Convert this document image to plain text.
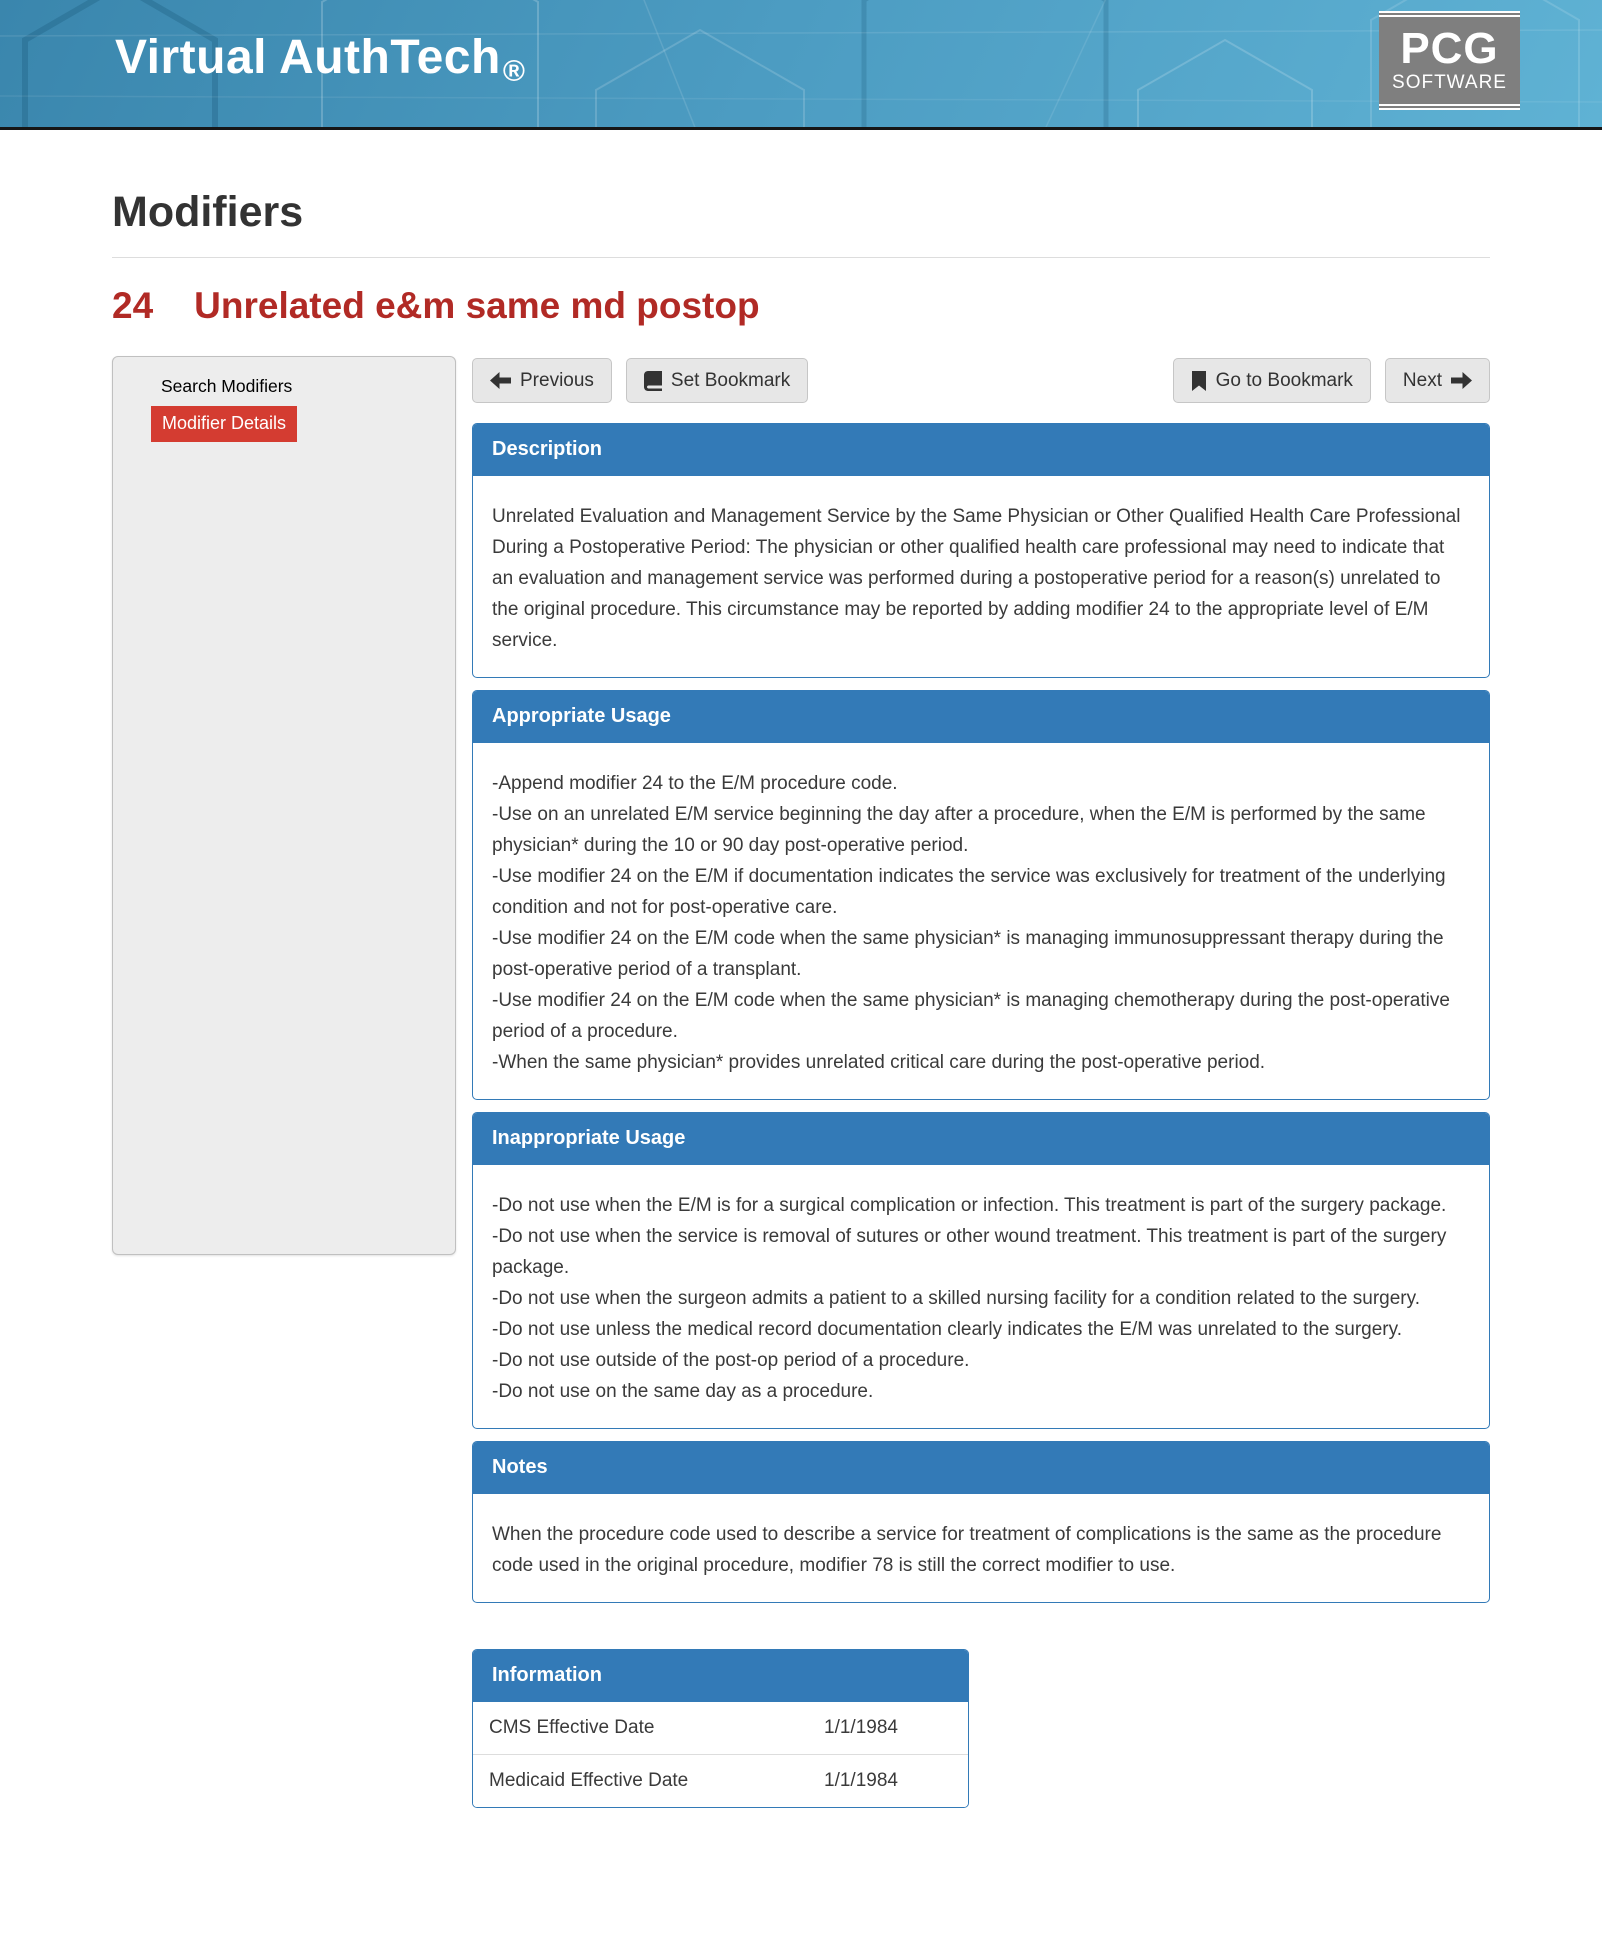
Virtual AuthTech®	PCG
SOFTWARE
Modifiers
24 Unrelated e&m same md postop
Search Modifiers
Modifier Details
Previous	Set Bookmark	Go to Bookmark	Next
Description
Unrelated Evaluation and Management Service by the Same Physician or Other Qualified Health Care Professional During a Postoperative Period: The physician or other qualified health care professional may need to indicate that an evaluation and management service was performed during a postoperative period for a reason(s) unrelated to the original procedure. This circumstance may be reported by adding modifier 24 to the appropriate level of E/M service.
Appropriate Usage
-Append modifier 24 to the E/M procedure code.
-Use on an unrelated E/M service beginning the day after a procedure, when the E/M is performed by the same physician* during the 10 or 90 day post-operative period.
-Use modifier 24 on the E/M if documentation indicates the service was exclusively for treatment of the underlying condition and not for post-operative care.
-Use modifier 24 on the E/M code when the same physician* is managing immunosuppressant therapy during the post-operative period of a transplant.
-Use modifier 24 on the E/M code when the same physician* is managing chemotherapy during the post-operative period of a procedure.
-When the same physician* provides unrelated critical care during the post-operative period.
Inappropriate Usage
-Do not use when the E/M is for a surgical complication or infection. This treatment is part of the surgery package.
-Do not use when the service is removal of sutures or other wound treatment. This treatment is part of the surgery package.
-Do not use when the surgeon admits a patient to a skilled nursing facility for a condition related to the surgery.
-Do not use unless the medical record documentation clearly indicates the E/M was unrelated to the surgery.
-Do not use outside of the post-op period of a procedure.
-Do not use on the same day as a procedure.
Notes
When the procedure code used to describe a service for treatment of complications is the same as the procedure code used in the original procedure, modifier 78 is still the correct modifier to use.
Information
CMS Effective Date	1/1/1984
Medicaid Effective Date	1/1/1984
